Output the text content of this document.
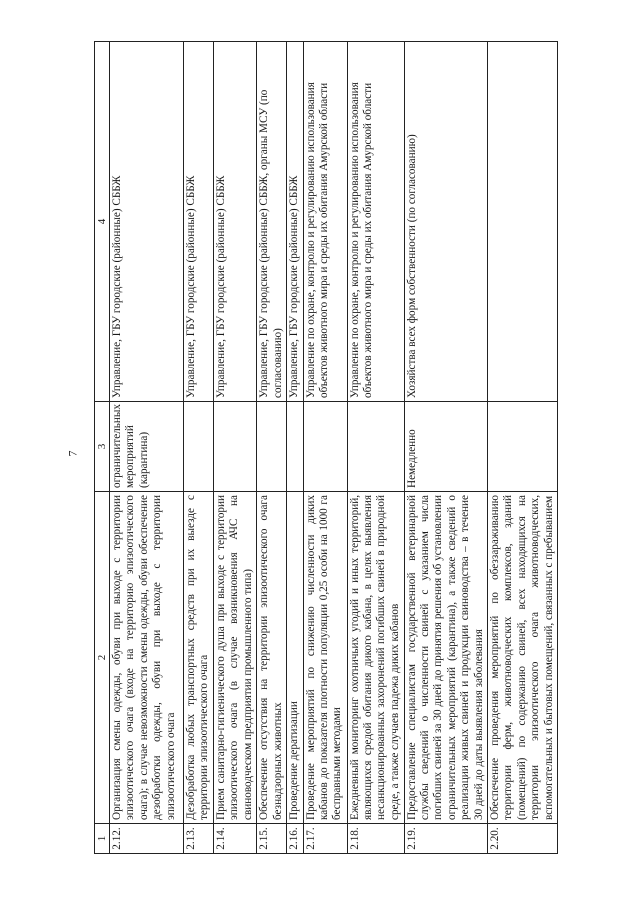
7
1	2	3	4
2.12.	Организация смены одежды, обуви при выходе с территории эпизоотического очага (входе на территорию эпизоотического очага); в случае невозможности смены одежды, обуви обеспечение дезобработки одежды, обуви при выходе с территории эпизоотического очага	ограничительных мероприятий (карантина)	Управление, ГБУ городские (районные) СББЖ
2.13.	Дезобработка любых транспортных средств при их выезде с территории эпизоотического очага		Управление, ГБУ городские (районные) СББЖ
2.14.	Прием санитарно-гигиенического душа при выходе с территории эпизоотического очага (в случае возникновения АЧС на свиноводческом предприятии промышленного типа)		Управление, ГБУ городские (районные) СББЖ
2.15.	Обеспечение отсутствия на территории эпизоотического очага безнадзорных животных		Управление, ГБУ городские (районные) СББЖ, органы МСУ (по согласованию)
2.16.	Проведение дератизации		Управление, ГБУ городские (районные) СББЖ
2.17.	Проведение мероприятий по снижению численности диких кабанов до показателя плотности популяции 0,25 особи на 1000 га бесправными методами		Управление по охране, контролю и регулированию использования объектов животного мира и среды их обитания Амурской области
2.18.	Ежедневный мониторинг охотничьих угодий и иных территорий, являющихся средой обитания дикого кабана, в целях выявления несанкционированных захоронений погибших свиней в природной среде, а также случаев падежа диких кабанов		Управление по охране, контролю и регулированию использования объектов животного мира и среды их обитания Амурской области
2.19.	Предоставление специалистам государственной ветеринарной службы сведений о численности свиней с указанием числа погибших свиней за 30 дней до принятия решения об установлении ограничительных мероприятий (карантина), а также сведений о реализации живых свиней и продукции свиноводства – в течение 30 дней до даты выявления заболевания	Немедленно	Хозяйства всех форм собственности (по согласованию)
2.20.	Обеспечение проведения мероприятий по обеззараживанию территории ферм, животноводческих комплексов, зданий (помещений) по содержанию свиней, всех находящихся на территории эпизоотического очага животноводческих, вспомогательных и бытовых помещений, связанных с пребыванием		
